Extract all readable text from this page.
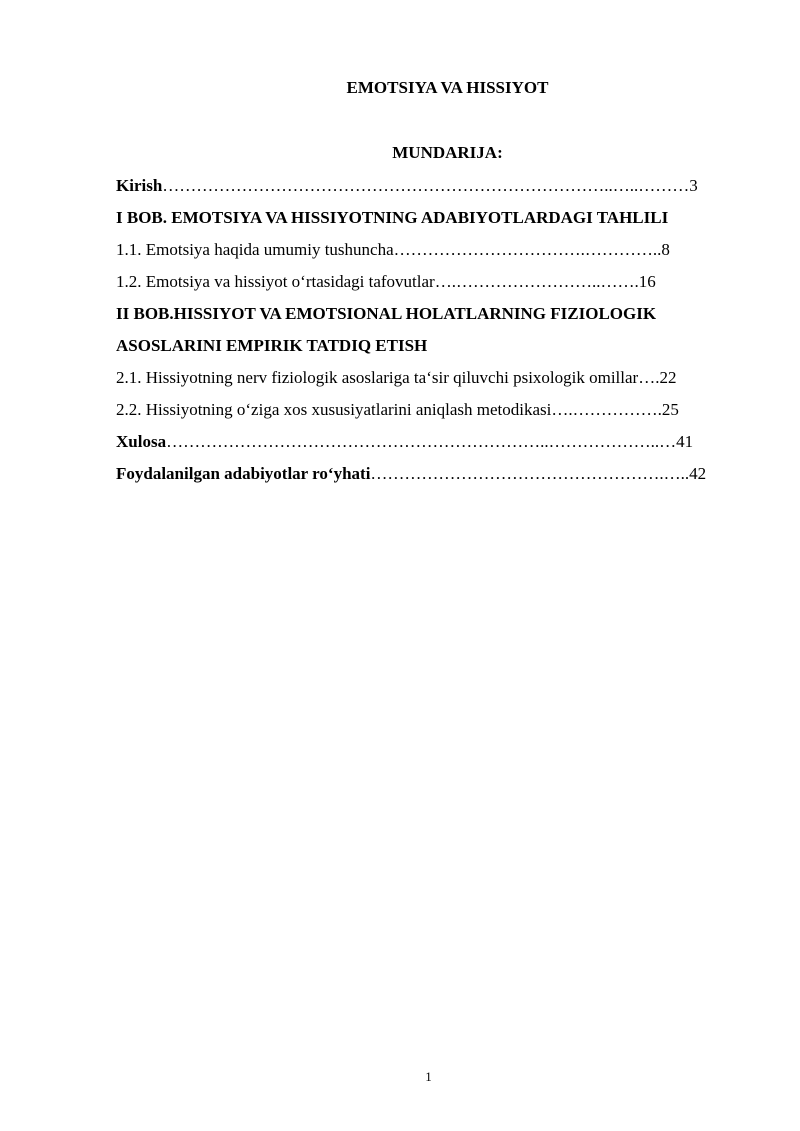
EMOTSIYA VA HISSIYOT
MUNDARIJA:
Kirish……………………………………………………………………..…..………3
I BOB. EMOTSIYA VA HISSIYOTNING ADABIYOTLARDAGI TAHLILI
1.1. Emotsiya haqida umumiy tushuncha…………………………….…………..8
1.2. Emotsiya va hissiyot o‘rtasidagi tafovutlar….……………………..…….16
II BOB.HISSIYOT VA EMOTSIONAL HOLATLARNING FIZIOLOGIK
ASOSLARINI EMPIRIK TATDIQ ETISH
2.1. Hissiyotning nerv fiziologik asoslariga ta‘sir qiluvchi psixologik omillar….22
2.2. Hissiyotning o‘ziga xos xususiyatlarini aniqlash metodikasi….…………….25
Xulosa…………………………………………………………..………………..…41
Foydalanilgan adabiyotlar ro‘yhati…………………………………………….…..42
1
